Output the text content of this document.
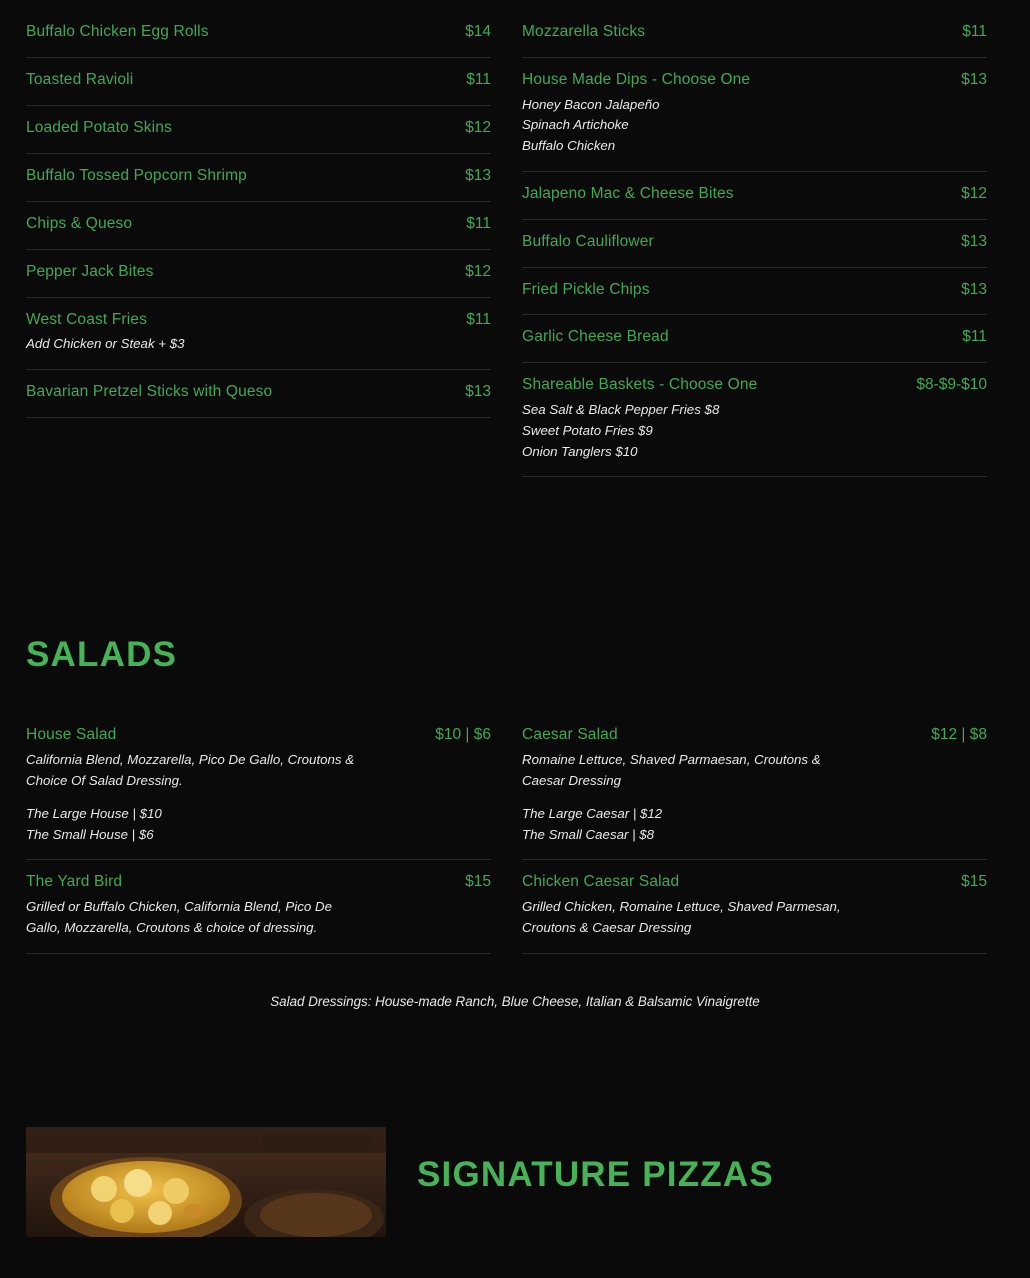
Buffalo Chicken Egg Rolls	$14
Toasted Ravioli	$11
Loaded Potato Skins	$12
Buffalo Tossed Popcorn Shrimp	$13
Chips & Queso	$11
Pepper Jack Bites	$12
West Coast Fries	$11
Add Chicken or Steak + $3
Bavarian Pretzel Sticks with Queso	$13
Mozzarella Sticks	$11
House Made Dips - Choose One	$13
Honey Bacon Jalapeño
Spinach Artichoke
Buffalo Chicken
Jalapeno Mac & Cheese Bites	$12
Buffalo Cauliflower	$13
Fried Pickle Chips	$13
Garlic Cheese Bread	$11
Shareable Baskets - Choose One	$8-$9-$10
Sea Salt & Black Pepper Fries $8
Sweet Potato Fries $9
Onion Tanglers $10
SALADS
House Salad	$10 | $6
California Blend, Mozzarella, Pico De Gallo, Croutons &
Choice Of Salad Dressing.
The Large House | $10
The Small House | $6
The Yard Bird	$15
Grilled or Buffalo Chicken, California Blend, Pico De
Gallo, Mozzarella, Croutons & choice of dressing.
Caesar Salad	$12 | $8
Romaine Lettuce, Shaved Parmaesan, Croutons &
Caesar Dressing
The Large Caesar | $12
The Small Caesar | $8
Chicken Caesar Salad	$15
Grilled Chicken, Romaine Lettuce, Shaved Parmesan,
Croutons & Caesar Dressing
Salad Dressings: House-made Ranch, Blue Cheese, Italian & Balsamic Vinaigrette
SIGNATURE PIZZAS
